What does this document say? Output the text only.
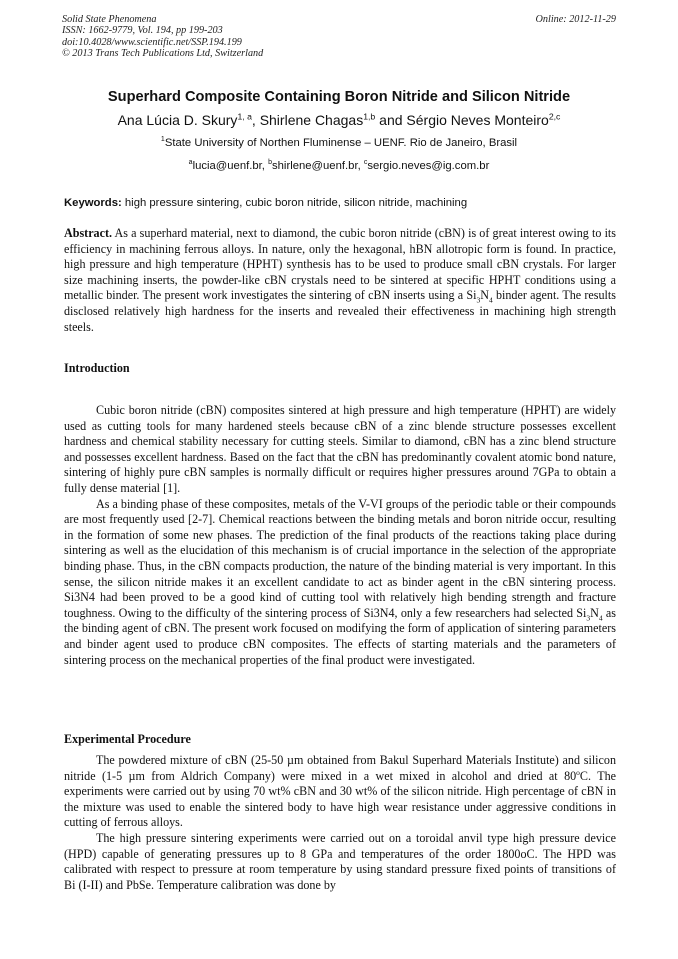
Solid State Phenomena
ISSN: 1662-9779, Vol. 194, pp 199-203
doi:10.4028/www.scientific.net/SSP.194.199
© 2013 Trans Tech Publications Ltd, Switzerland
Online: 2012-11-29
Superhard Composite Containing Boron Nitride and Silicon Nitride
Ana Lúcia D. Skury$^{1, a}$, Shirlene Chagas$^{1,b}$ and Sérgio Neves Monteiro$^{2,c}$
$^1$State University of Northen Fluminense – UENF. Rio de Janeiro, Brasil
$^a$lucia@uenf.br, $^b$shirlene@uenf.br, $^c$sergio.neves@ig.com.br
Keywords: high pressure sintering, cubic boron nitride, silicon nitride, machining
Abstract. As a superhard material, next to diamond, the cubic boron nitride (cBN) is of great interest owing to its efficiency in machining ferrous alloys. In nature, only the hexagonal, hBN allotropic form is found. In practice, high pressure and high temperature (HPHT) synthesis has to be used to produce small cBN crystals. For larger size machining inserts, the powder-like cBN crystals need to be sintered at specific HPHT conditions using a metallic binder. The present work investigates the sintering of cBN inserts using a $Si_3N_4$ binder agent. The results disclosed relatively high hardness for the inserts and revealed their effectiveness in machining high strength steels.
Introduction

Cubic boron nitride (cBN) composites sintered at high pressure and high temperature (HPHT) are widely used as cutting tools for many hardened steels because cBN of a zinc blende structure possesses excellent hardness and chemical stability necessary for cutting steels. Similar to diamond, cBN has a zinc blend structure and possesses excellent hardness. Based on the fact that the cBN has predominantly covalent atomic bond nature, sintering of highly pure cBN samples is normally difficult or requires higher pressures around 7GPa to obtain a fully dense material [1].

As a binding phase of these composites, metals of the V-VI groups of the periodic table or their compounds are most frequently used [2-7]. Chemical reactions between the binding metals and boron nitride occur, resulting in the formation of some new phases. The prediction of the final products of the reactions taking place during sintering as well as the elucidation of this mechanism is of crucial importance in the selection of the appropriate binding phase. Thus, in the cBN compacts production, the nature of the binding material is very important. In this sense, the silicon nitride makes it an excellent candidate to act as binder agent in the cBN sintering process. Si3N4 had been proved to be a good kind of cutting tool with relatively high bending strength and fracture toughness. Owing to the difficulty of the sintering process of Si3N4, only a few researchers had selected $Si_3N_4$ as the binding agent of cBN. The present work focused on modifying the form of application of sintering parameters and binder agent used to produce cBN composites. The effects of starting materials and the parameters of sintering process on the mechanical properties of the final product were investigated.

Experimental Procedure

The powdered mixture of cBN (25-50 µm obtained from Bakul Superhard Materials Institute) and silicon nitride (1-5 µm from Aldrich Company) were mixed in a wet mixed in alcohol and dried at 80$^o$C. The experiments were carried out by using 70 wt% cBN and 30 wt% of the silicon nitride. High percentage of cBN in the mixture was used to enable the sintered body to have high wear resistance under aggressive conditions in cutting of ferrous alloys.

The high pressure sintering experiments were carried out on a toroidal anvil type high pressure device (HPD) capable of generating pressures up to 8 GPa and temperatures of the order 1800oC. The HPD was calibrated with respect to pressure at room temperature by using standard pressure fixed points of transitions of Bi (I-II) and PbSe. Temperature calibration was done by
